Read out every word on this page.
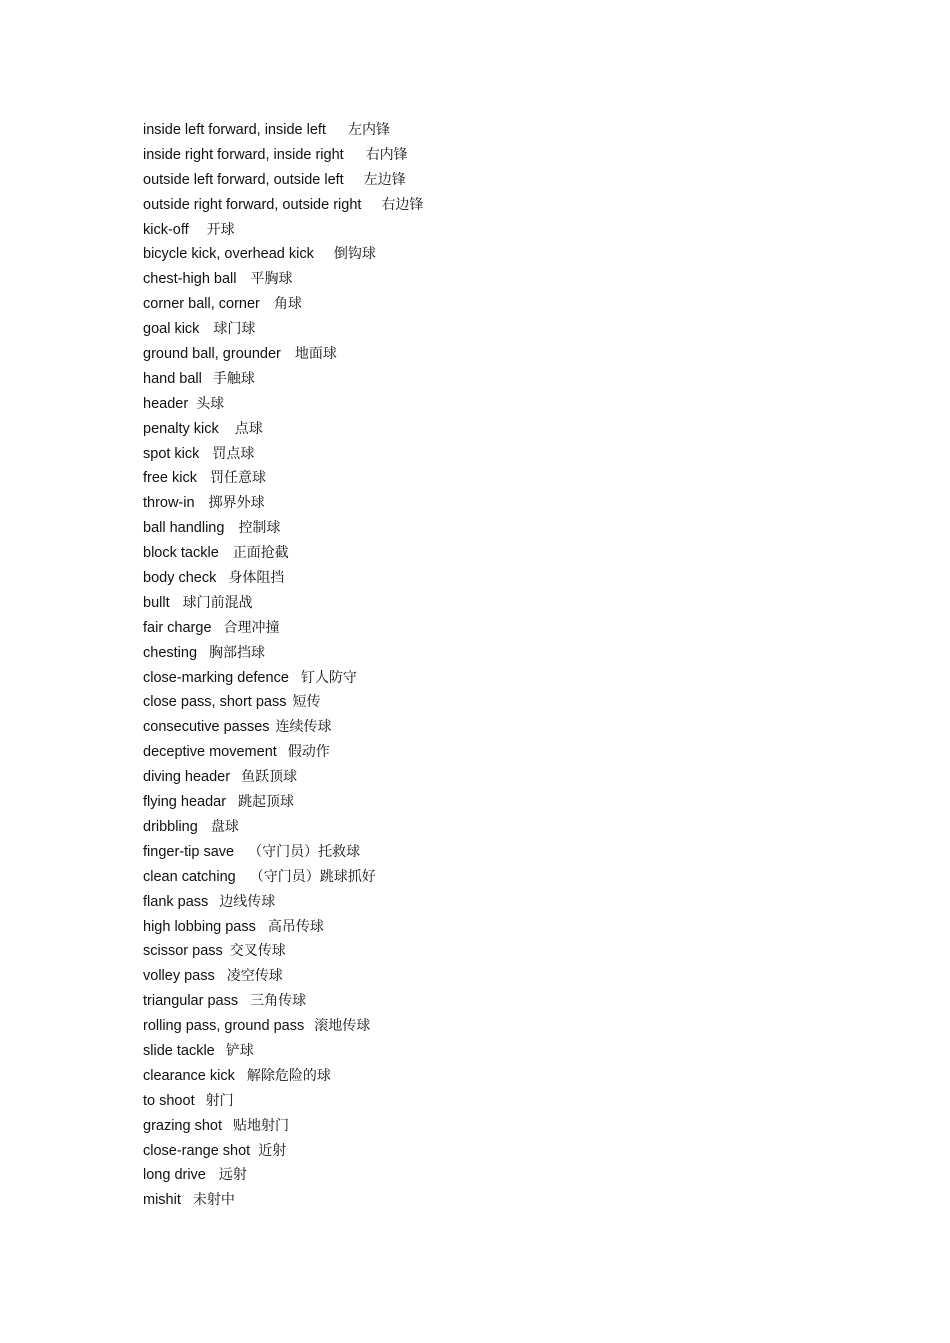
inside left forward, inside left 左内锋
inside right forward, inside right 右内锋
outside left forward, outside left 左边锋
outside right forward, outside right 右边锋
kick-off 开球
bicycle kick, overhead kick 倒钩球
chest-high ball 平胸球
corner ball, corner 角球
goal kick 球门球
ground ball, grounder 地面球
hand ball 手触球
header 头球
penalty kick 点球
spot kick 罚点球
free kick 罚任意球
throw-in 掷界外球
ball handling 控制球
block tackle 正面抢截
body check 身体阻挡
bullt 球门前混战
fair charge 合理冲撞
chesting 胸部挡球
close-marking defence 钉人防守
close pass, short pass 短传
consecutive passes 连续传球
deceptive movement 假动作
diving header 鱼跃顶球
flying headar 跳起顶球
dribbling 盘球
finger-tip save （守门员）托救球
clean catching （守门员）跳球抓好
flank pass 边线传球
high lobbing pass 高吊传球
scissor pass 交叉传球
volley pass 凌空传球
triangular pass 三角传球
rolling pass, ground pass 滚地传球
slide tackle 铲球
clearance kick 解除危险的球
to shoot 射门
grazing shot 贴地射门
close-range shot 近射
long drive 远射
mishit 未射中
